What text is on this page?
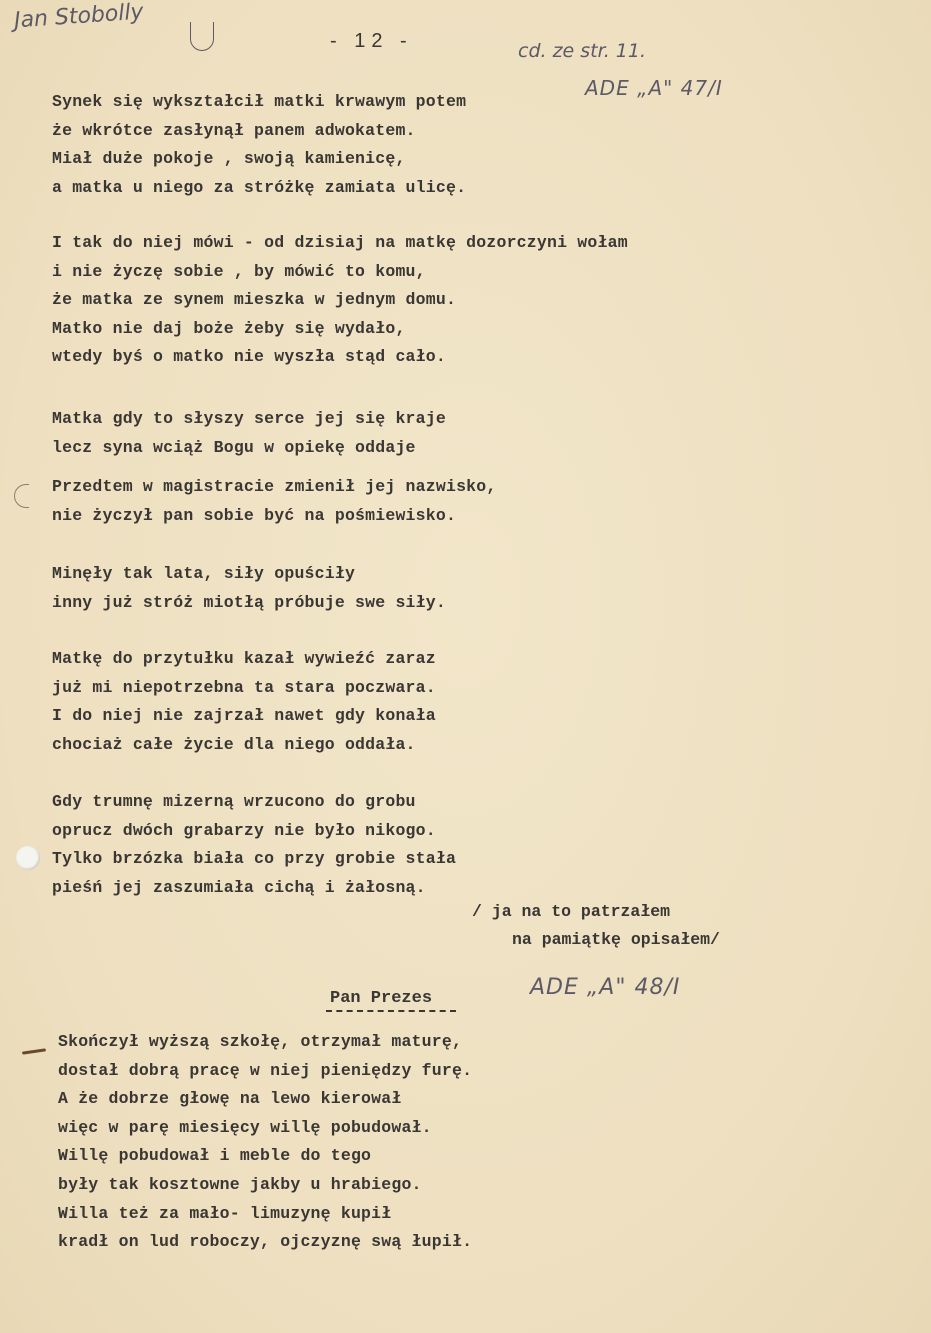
Jan Stobolly
- 12 -	cd. ze str. 11.
ADE „A" 47/I
Synek się wykształcił matki krwawym potem
że wkrótce zasłynął panem adwokatem.
Miał duże pokoje , swoją kamienicę,
a matka u niego za stróżkę zamiata ulicę.
I tak do niej mówi - od dzisiaj na matkę dozorczyni wołam
i nie życzę sobie , by mówić to komu,
że matka ze synem mieszka w jednym domu.
Matko nie daj boże żeby się wydało,
wtedy byś o matko nie wyszła stąd cało.
Matka gdy to słyszy serce jej się kraje
lecz syna wciąż Bogu w opiekę oddaje
Przedtem w magistracie zmienił jej nazwisko,
nie życzył pan sobie być na pośmiewisko.
Minęły tak lata, siły opuściły
inny już stróż miotłą próbuje swe siły.
Matkę do przytułku kazał wywieźć zaraz
już mi niepotrzebna ta stara poczwara.
I do niej nie zajrzał nawet gdy konała
chociaż całe życie dla niego oddała.
Gdy trumnę mizerną wrzucono do grobu
oprucz dwóch grabarzy nie było nikogo.
Tylko brzózka biała co przy grobie stała
pieśń jej zaszumiała cichą i żałosną.
/ ja na to patrzałem
na pamiątkę opisałem/
Pan Prezes	ADE „A" 48/I
Skończył wyższą szkołę, otrzymał maturę,
dostał dobrą pracę w niej pieniędzy furę.
A że dobrze głowę na lewo kierował
więc w parę miesięcy willę pobudował.
Willę pobudował i meble do tego
były tak kosztowne jakby u hrabiego.
Willa też za mało- limuzynę kupił
kradł on lud roboczy, ojczyznę swą łupił.
